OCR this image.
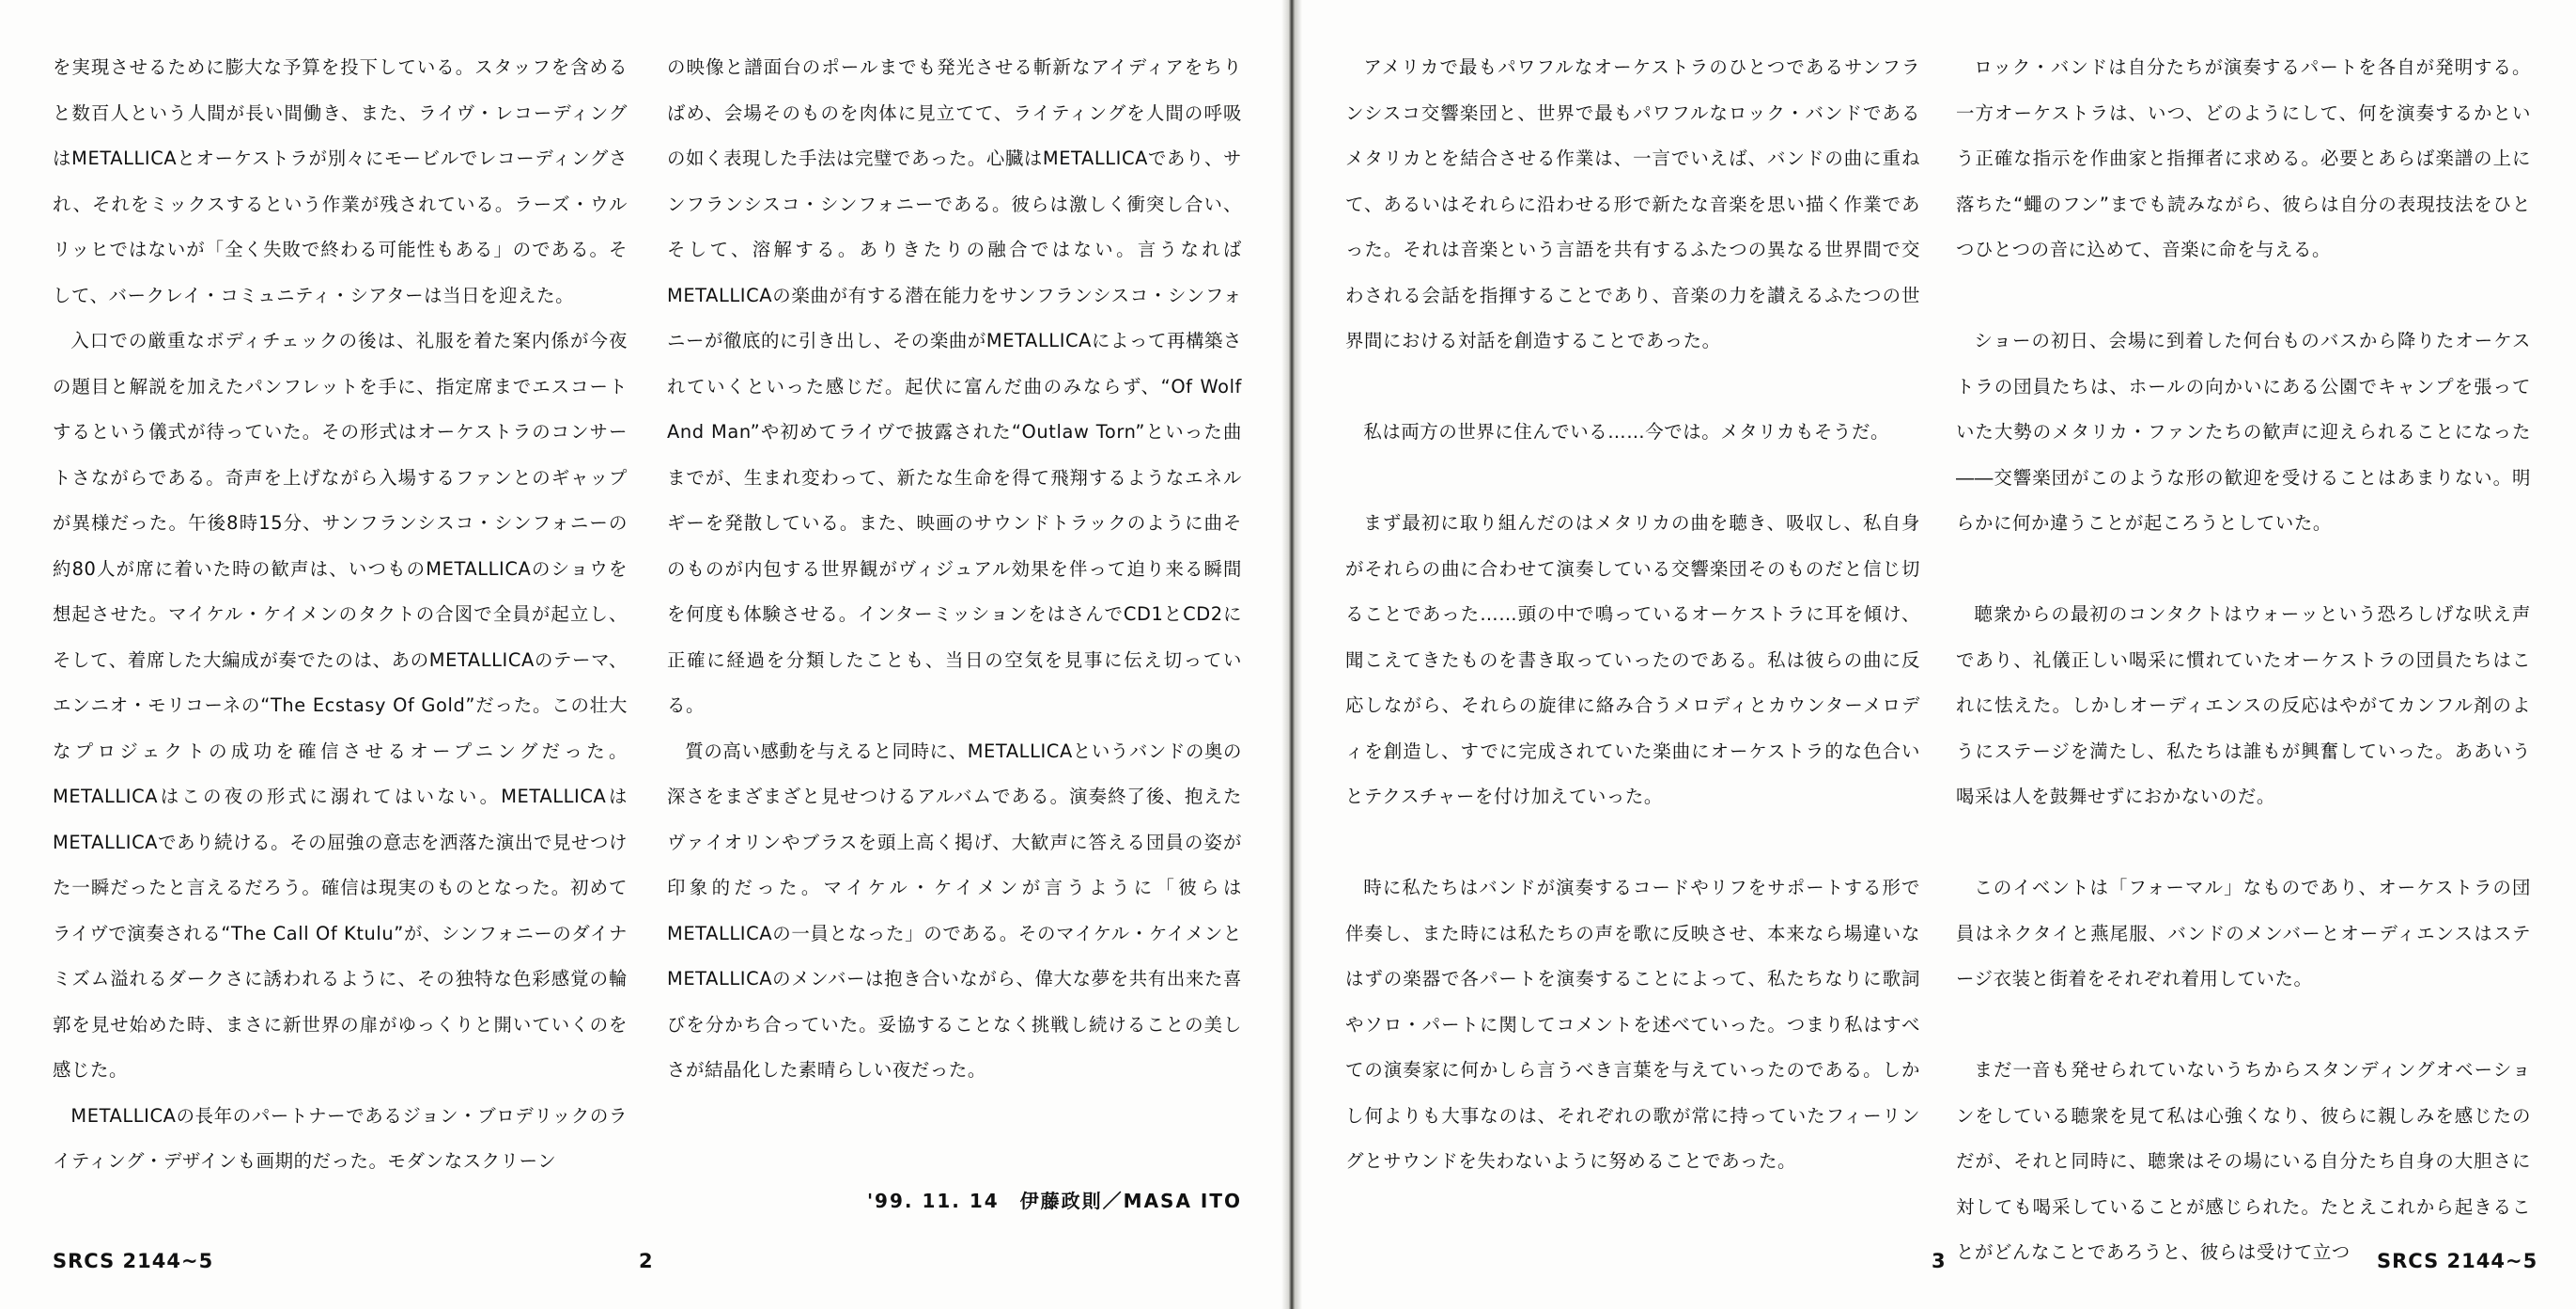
を実現させるために膨大な予算を投下している。スタッフを含めると数百人という人間が長い間働き、また、ライヴ・レコーディングはMETALLICAとオーケストラが別々にモービルでレコーディングされ、それをミックスするという作業が残されている。ラーズ・ウルリッヒではないが「全く失敗で終わる可能性もある」のである。そして、バークレイ・コミュニティ・シアターは当日を迎えた。

入口での厳重なボディチェックの後は、礼服を着た案内係が今夜の題目と解説を加えたパンフレットを手に、指定席までエスコートするという儀式が待っていた。その形式はオーケストラのコンサートさながらである。奇声を上げながら入場するファンとのギャップが異様だった。午後8時15分、サンフランシスコ・シンフォニーの約80人が席に着いた時の歓声は、いつものMETALLICAのショウを想起させた。マイケル・ケイメンのタクトの合図で全員が起立し、そして、着席した大編成が奏でたのは、あのMETALLICAのテーマ、エンニオ・モリコーネの“The Ecstasy Of Gold”だった。この壮大なプロジェクトの成功を確信させるオープニングだった。METALLICAはこの夜の形式に溺れてはいない。METALLICAはMETALLICAであり続ける。その屈強の意志を洒落た演出で見せつけた一瞬だったと言えるだろう。確信は現実のものとなった。初めてライヴで演奏される“The Call Of Ktulu”が、シンフォニーのダイナミズム溢れるダークさに誘われるように、その独特な色彩感覚の輪郭を見せ始めた時、まさに新世界の扉がゆっくりと開いていくのを感じた。

METALLICAの長年のパートナーであるジョン・ブロデリックのライティング・デザインも画期的だった。モダンなスクリーン

の映像と譜面台のポールまでも発光させる斬新なアイディアをちりばめ、会場そのものを肉体に見立てて、ライティングを人間の呼吸の如く表現した手法は完璧であった。心臓はMETALLICAであり、サンフランシスコ・シンフォニーである。彼らは激しく衝突し合い、そして、溶解する。ありきたりの融合ではない。言うなればMETALLICAの楽曲が有する潜在能力をサンフランシスコ・シンフォニーが徹底的に引き出し、その楽曲がMETALLICAによって再構築されていくといった感じだ。起伏に富んだ曲のみならず、“Of Wolf And Man”や初めてライヴで披露された“Outlaw Torn”といった曲までが、生まれ変わって、新たな生命を得て飛翔するようなエネルギーを発散している。また、映画のサウンドトラックのように曲そのものが内包する世界観がヴィジュアル効果を伴って迫り来る瞬間を何度も体験させる。インターミッションをはさんでCD1とCD2に正確に経過を分類したことも、当日の空気を見事に伝え切っている。

質の高い感動を与えると同時に、METALLICAというバンドの奥の深さをまざまざと見せつけるアルバムである。演奏終了後、抱えたヴァイオリンやブラスを頭上高く掲げ、大歓声に答える団員の姿が印象的だった。マイケル・ケイメンが言うように「彼らはMETALLICAの一員となった」のである。そのマイケル・ケイメンとMETALLICAのメンバーは抱き合いながら、偉大な夢を共有出来た喜びを分かち合っていた。妥協することなく挑戦し続けることの美しさが結晶化した素晴らしい夜だった。

'99. 11. 14　伊藤政則／MASA ITO

アメリカで最もパワフルなオーケストラのひとつであるサンフランシスコ交響楽団と、世界で最もパワフルなロック・バンドであるメタリカとを結合させる作業は、一言でいえば、バンドの曲に重ねて、あるいはそれらに沿わせる形で新たな音楽を思い描く作業であった。それは音楽という言語を共有するふたつの異なる世界間で交わされる会話を指揮することであり、音楽の力を讃えるふたつの世界間における対話を創造することであった。

私は両方の世界に住んでいる……今では。メタリカもそうだ。

まず最初に取り組んだのはメタリカの曲を聴き、吸収し、私自身がそれらの曲に合わせて演奏している交響楽団そのものだと信じ切ることであった……頭の中で鳴っているオーケストラに耳を傾け、聞こえてきたものを書き取っていったのである。私は彼らの曲に反応しながら、それらの旋律に絡み合うメロディとカウンターメロディを創造し、すでに完成されていた楽曲にオーケストラ的な色合いとテクスチャーを付け加えていった。

時に私たちはバンドが演奏するコードやリフをサポートする形で伴奏し、また時には私たちの声を歌に反映させ、本来なら場違いなはずの楽器で各パートを演奏することによって、私たちなりに歌詞やソロ・パートに関してコメントを述べていった。つまり私はすべての演奏家に何かしら言うべき言葉を与えていったのである。しかし何よりも大事なのは、それぞれの歌が常に持っていたフィーリングとサウンドを失わないように努めることであった。

ロック・バンドは自分たちが演奏するパートを各自が発明する。一方オーケストラは、いつ、どのようにして、何を演奏するかという正確な指示を作曲家と指揮者に求める。必要とあらば楽譜の上に落ちた“蠅のフン”までも読みながら、彼らは自分の表現技法をひとつひとつの音に込めて、音楽に命を与える。

ショーの初日、会場に到着した何台ものバスから降りたオーケストラの団員たちは、ホールの向かいにある公園でキャンプを張っていた大勢のメタリカ・ファンたちの歓声に迎えられることになった――交響楽団がこのような形の歓迎を受けることはあまりない。明らかに何か違うことが起ころうとしていた。

聴衆からの最初のコンタクトはウォーッという恐ろしげな吠え声であり、礼儀正しい喝采に慣れていたオーケストラの団員たちはこれに怯えた。しかしオーディエンスの反応はやがてカンフル剤のようにステージを満たし、私たちは誰もが興奮していった。ああいう喝采は人を鼓舞せずにおかないのだ。

このイベントは「フォーマル」なものであり、オーケストラの団員はネクタイと燕尾服、バンドのメンバーとオーディエンスはステージ衣装と街着をそれぞれ着用していた。

まだ一音も発せられていないうちからスタンディングオベーションをしている聴衆を見て私は心強くなり、彼らに親しみを感じたのだが、それと同時に、聴衆はその場にいる自分たち自身の大胆さに対しても喝采していることが感じられた。たとえこれから起きることがどんなことであろうと、彼らは受けて立つ

SRCS 2144~5	2	3	SRCS 2144~5
